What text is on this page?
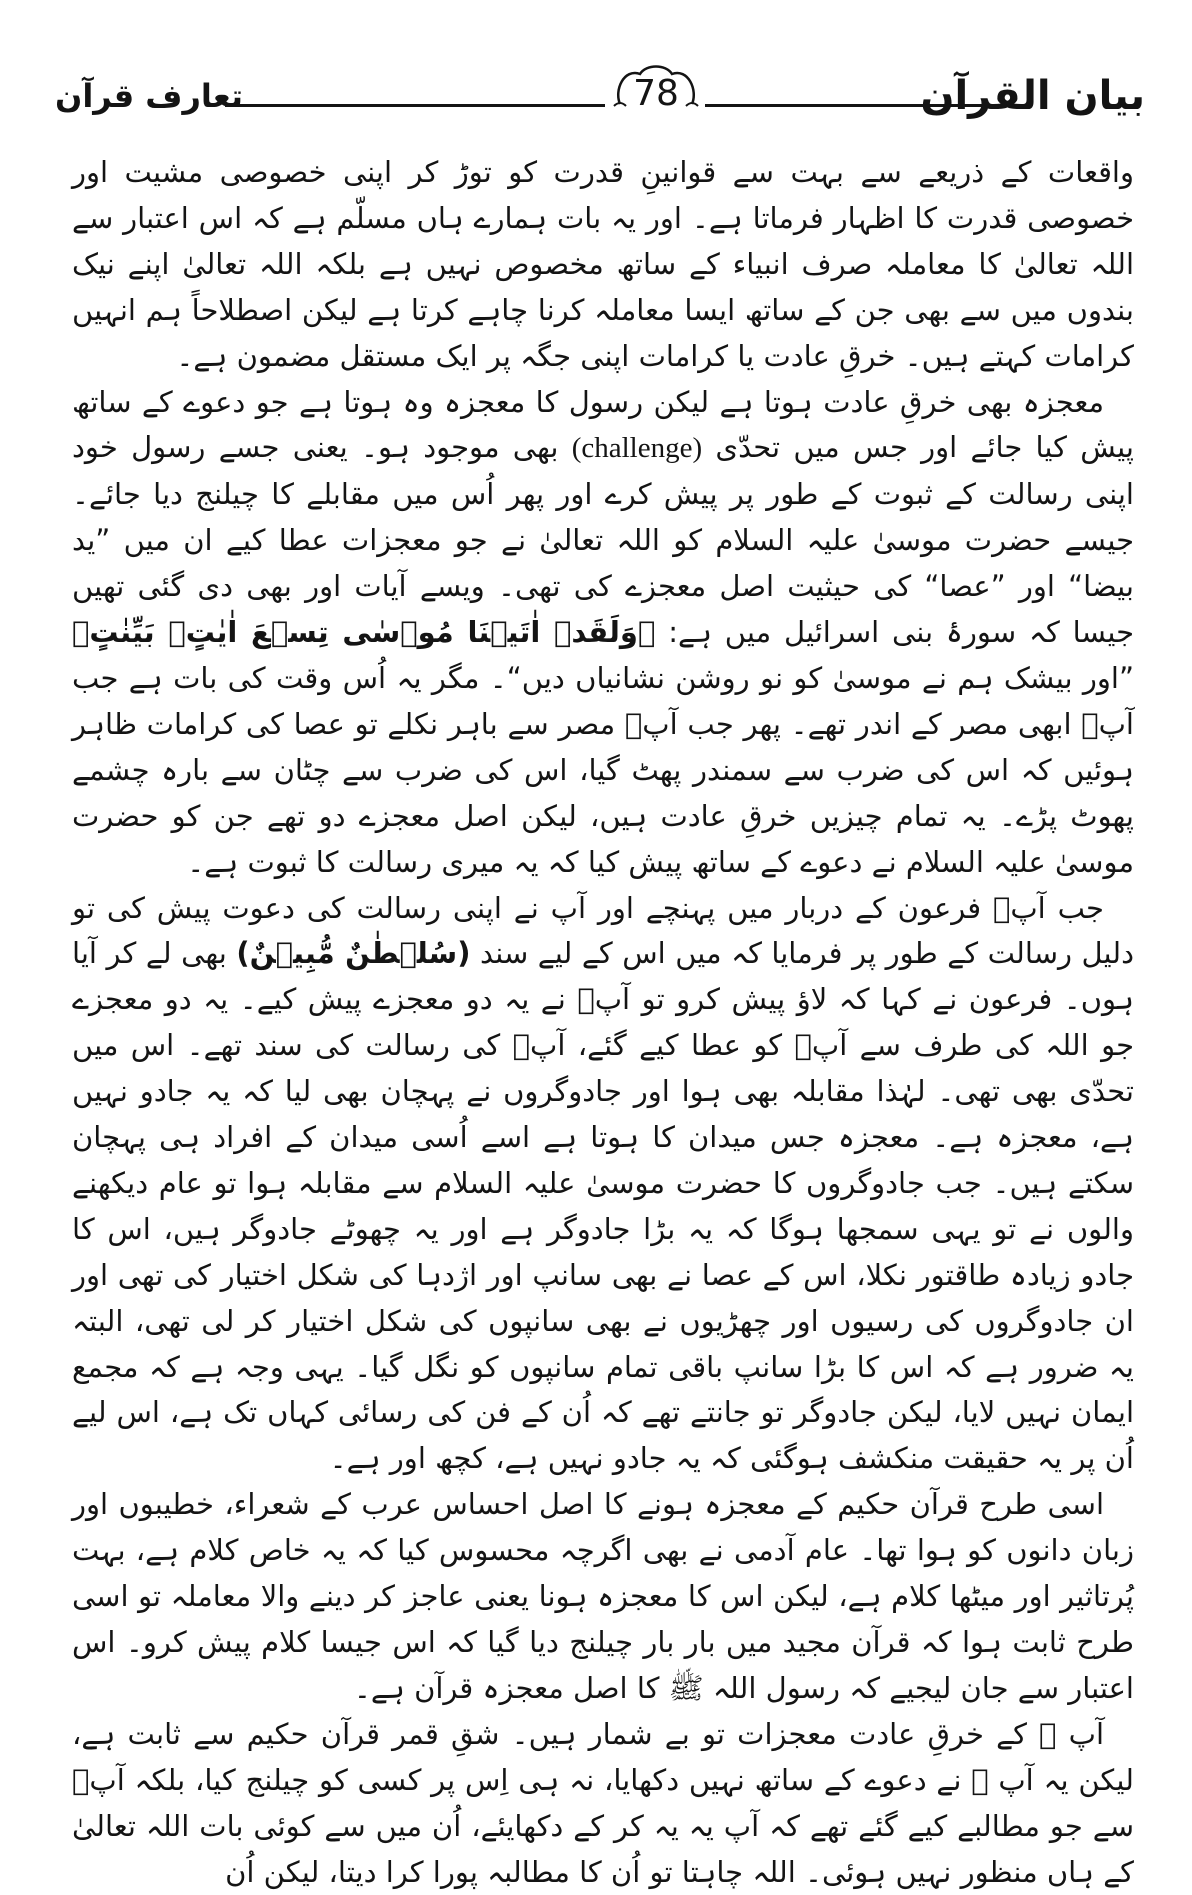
بیان القرآن
تعارف قرآن	78

واقعات کے ذریعے سے بہت سے قوانینِ قدرت کو توڑ کر اپنی خصوصی مشیت اور خصوصی قدرت کا اظہار فرماتا ہے۔ اور یہ بات ہمارے ہاں مسلّم ہے کہ اس اعتبار سے اللہ تعالیٰ کا معاملہ صرف انبیاء کے ساتھ مخصوص نہیں ہے بلکہ اللہ تعالیٰ اپنے نیک بندوں میں سے بھی جن کے ساتھ ایسا معاملہ کرنا چاہے کرتا ہے لیکن اصطلاحاً ہم انہیں کرامات کہتے ہیں۔ خرقِ عادت یا کرامات اپنی جگہ پر ایک مستقل مضمون ہے۔

معجزہ بھی خرقِ عادت ہوتا ہے لیکن رسول کا معجزہ وہ ہوتا ہے جو دعوے کے ساتھ پیش کیا جائے اور جس میں تحدّی (challenge) بھی موجود ہو۔ یعنی جسے رسول خود اپنی رسالت کے ثبوت کے طور پر پیش کرے اور پھر اُس میں مقابلے کا چیلنج دیا جائے۔ جیسے حضرت موسیٰ علیہ السلام کو اللہ تعالیٰ نے جو معجزات عطا کیے ان میں ”ید بیضا“ اور ”عصا“ کی حیثیت اصل معجزے کی تھی۔ ویسے آیات اور بھی دی گئی تھیں جیسا کہ سورۂ بنی اسرائیل میں ہے: ﴿وَلَقَدۡ اٰتَیۡنَا مُوۡسٰی تِسۡعَ اٰیٰتٍۭ بَیِّنٰتٍ﴾ ”اور بیشک ہم نے موسیٰ کو نو روشن نشانیاں دیں“۔ مگر یہ اُس وقت کی بات ہے جب آپؑ ابھی مصر کے اندر تھے۔ پھر جب آپؑ مصر سے باہر نکلے تو عصا کی کرامات ظاہر ہوئیں کہ اس کی ضرب سے سمندر پھٹ گیا، اس کی ضرب سے چٹان سے بارہ چشمے پھوٹ پڑے۔ یہ تمام چیزیں خرقِ عادت ہیں، لیکن اصل معجزے دو تھے جن کو حضرت موسیٰ علیہ السلام نے دعوے کے ساتھ پیش کیا کہ یہ میری رسالت کا ثبوت ہے۔

جب آپؑ فرعون کے دربار میں پہنچے اور آپ نے اپنی رسالت کی دعوت پیش کی تو دلیل رسالت کے طور پر فرمایا کہ میں اس کے لیے سند (سُلۡطٰنٌ مُّبِیۡنٌ) بھی لے کر آیا ہوں۔ فرعون نے کہا کہ لاؤ پیش کرو تو آپؑ نے یہ دو معجزے پیش کیے۔ یہ دو معجزے جو اللہ کی طرف سے آپؑ کو عطا کیے گئے، آپؑ کی رسالت کی سند تھے۔ اس میں تحدّی بھی تھی۔ لہٰذا مقابلہ بھی ہوا اور جادوگروں نے پہچان بھی لیا کہ یہ جادو نہیں ہے، معجزہ ہے۔ معجزہ جس میدان کا ہوتا ہے اسے اُسی میدان کے افراد ہی پہچان سکتے ہیں۔ جب جادوگروں کا حضرت موسیٰ علیہ السلام سے مقابلہ ہوا تو عام دیکھنے والوں نے تو یہی سمجھا ہوگا کہ یہ بڑا جادوگر ہے اور یہ چھوٹے جادوگر ہیں، اس کا جادو زیادہ طاقتور نکلا، اس کے عصا نے بھی سانپ اور اژدہا کی شکل اختیار کی تھی اور ان جادوگروں کی رسیوں اور چھڑیوں نے بھی سانپوں کی شکل اختیار کر لی تھی، البتہ یہ ضرور ہے کہ اس کا بڑا سانپ باقی تمام سانپوں کو نگل گیا۔ یہی وجہ ہے کہ مجمع ایمان نہیں لایا، لیکن جادوگر تو جانتے تھے کہ اُن کے فن کی رسائی کہاں تک ہے، اس لیے اُن پر یہ حقیقت منکشف ہوگئی کہ یہ جادو نہیں ہے، کچھ اور ہے۔

اسی طرح قرآن حکیم کے معجزہ ہونے کا اصل احساس عرب کے شعراء، خطیبوں اور زبان دانوں کو ہوا تھا۔ عام آدمی نے بھی اگرچہ محسوس کیا کہ یہ خاص کلام ہے، بہت پُرتاثیر اور میٹھا کلام ہے، لیکن اس کا معجزہ ہونا یعنی عاجز کر دینے والا معاملہ تو اسی طرح ثابت ہوا کہ قرآن مجید میں بار بار چیلنج دیا گیا کہ اس جیسا کلام پیش کرو۔ اس اعتبار سے جان لیجیے کہ رسول اللہ ﷺ کا اصل معجزہ قرآن ہے۔

آپ ﷺ کے خرقِ عادت معجزات تو بے شمار ہیں۔ شقِ قمر قرآن حکیم سے ثابت ہے، لیکن یہ آپ ﷺ نے دعوے کے ساتھ نہیں دکھایا، نہ ہی اِس پر کسی کو چیلنج کیا، بلکہ آپؐ سے جو مطالبے کیے گئے تھے کہ آپ یہ یہ کر کے دکھایئے، اُن میں سے کوئی بات اللہ تعالیٰ کے ہاں منظور نہیں ہوئی۔ اللہ چاہتا تو اُن کا مطالبہ پورا کرا دیتا، لیکن اُن
